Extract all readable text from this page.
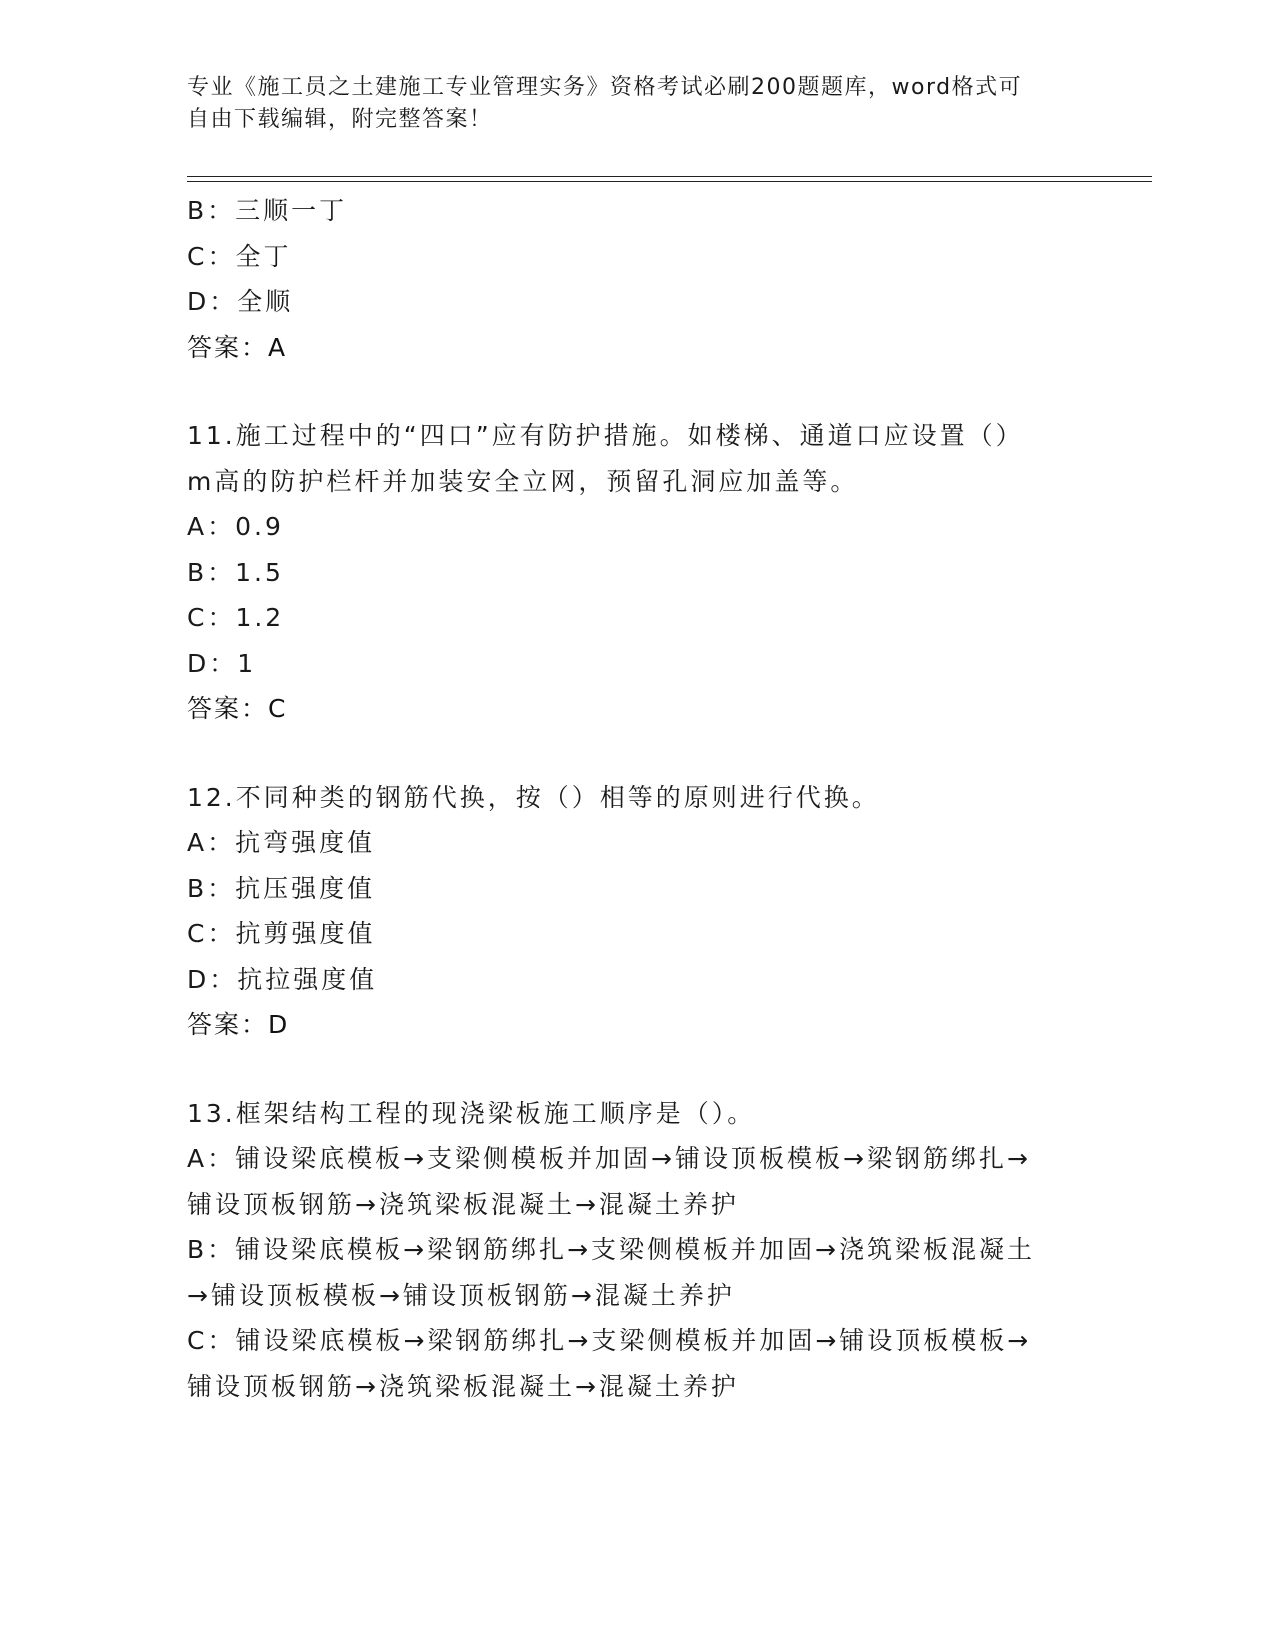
专业《施工员之土建施工专业管理实务》资格考试必刷200题题库，word格式可
自由下载编辑，附完整答案！
B：三顺一丁
C：全丁
D：全顺
答案：A
11.施工过程中的“四口”应有防护措施。如楼梯、通道口应设置（）
m高的防护栏杆并加装安全立网，预留孔洞应加盖等。
A：0.9
B：1.5
C：1.2
D：1
答案：C
12.不同种类的钢筋代换，按（）相等的原则进行代换。
A：抗弯强度值
B：抗压强度值
C：抗剪强度值
D：抗拉强度值
答案：D
13.框架结构工程的现浇梁板施工顺序是（）。
A：铺设梁底模板→支梁侧模板并加固→铺设顶板模板→梁钢筋绑扎→
铺设顶板钢筋→浇筑梁板混凝土→混凝土养护
B：铺设梁底模板→梁钢筋绑扎→支梁侧模板并加固→浇筑梁板混凝土
→铺设顶板模板→铺设顶板钢筋→混凝土养护
C：铺设梁底模板→梁钢筋绑扎→支梁侧模板并加固→铺设顶板模板→
铺设顶板钢筋→浇筑梁板混凝土→混凝土养护
